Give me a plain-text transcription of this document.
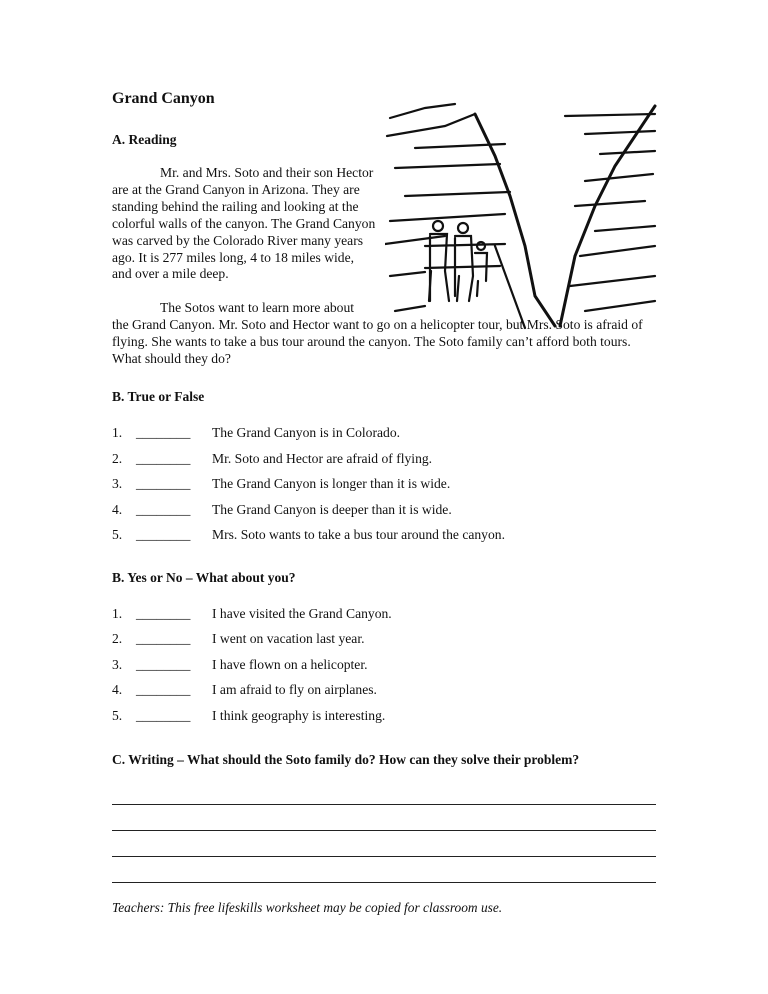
Grand Canyon
A. Reading
Mr. and Mrs. Soto and their son Hector are at the Grand Canyon in Arizona. They are standing behind the railing and looking at the colorful walls of the canyon. The Grand Canyon was carved by the Colorado River many years ago. It is 277 miles long, 4 to 18 miles wide, and over a mile deep.
The Sotos want to learn more about
the Grand Canyon. Mr. Soto and Hector want to go on a helicopter tour, but Mrs. Soto is afraid of flying. She wants to take a bus tour around the canyon. The Soto family can’t afford both tours. What should they do?
B. True or False
1.	________	The Grand Canyon is in Colorado.
2.	________	Mr. Soto and Hector are afraid of flying.
3.	________	The Grand Canyon is longer than it is wide.
4.	________	The Grand Canyon is deeper than it is wide.
5.	________	Mrs. Soto wants to take a bus tour around the canyon.
B. Yes or No – What about you?
1.	________	I have visited the Grand Canyon.
2.	________	I went on vacation last year.
3.	________	I have flown on a helicopter.
4.	________	I am afraid to fly on airplanes.
5.	________	I think geography is interesting.
C. Writing – What should the Soto family do? How can they solve their problem?
Teachers: This free lifeskills worksheet may be copied for classroom use.
